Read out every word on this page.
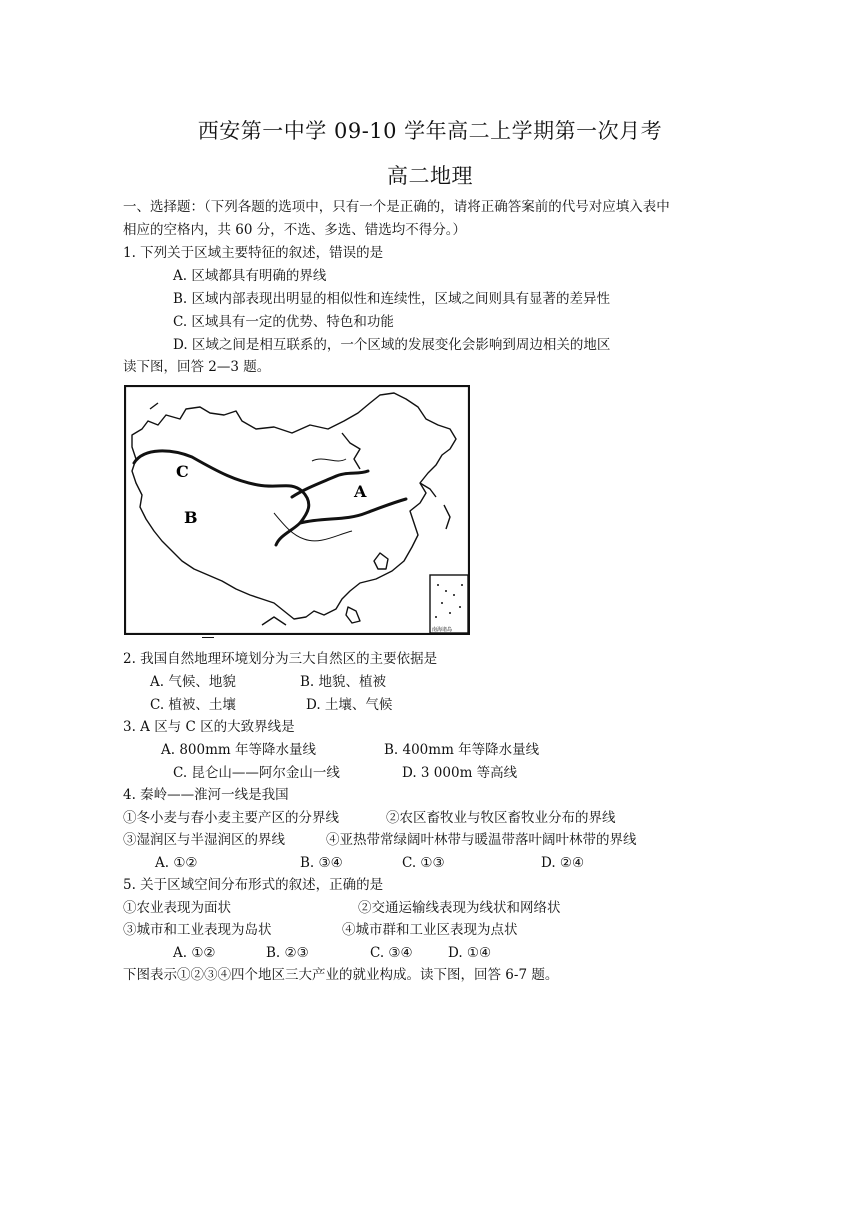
西安第一中学 09-10 学年高二上学期第一次月考
高二地理
一、选择题：（下列各题的选项中，只有一个是正确的，请将正确答案前的代号对应填入表中
相应的空格内，共 60 分，不选、多选、错选均不得分。）
1. 下列关于区域主要特征的叙述，错误的是
A. 区域都具有明确的界线
B. 区域内部表现出明显的相似性和连续性，区域之间则具有显著的差异性
C. 区域具有一定的优势、特色和功能
D. 区域之间是相互联系的，一个区域的发展变化会影响到周边相关的地区
读下图，回答 2—3 题。
南海诸岛
C
B
A
2. 我国自然地理环境划分为三大自然区的主要依据是
A. 气候、地貌	B. 地貌、植被
C. 植被、土壤	D. 土壤、气候
3. A 区与 C 区的大致界线是
A. 800mm 年等降水量线	B. 400mm 年等降水量线
C. 昆仑山——阿尔金山一线	D. 3 000m 等高线
4. 秦岭——淮河一线是我国
①冬小麦与春小麦主要产区的分界线	②农区畜牧业与牧区畜牧业分布的界线
③湿润区与半湿润区的界线	④亚热带常绿阔叶林带与暖温带落叶阔叶林带的界线
A. ①②	B. ③④	C. ①③	D. ②④
5. 关于区域空间分布形式的叙述，正确的是
①农业表现为面状	②交通运输线表现为线状和网络状
③城市和工业表现为岛状	④城市群和工业区表现为点状
A. ①②	B. ②③	C. ③④	D. ①④
下图表示①②③④四个地区三大产业的就业构成。读下图，回答 6-7 题。
